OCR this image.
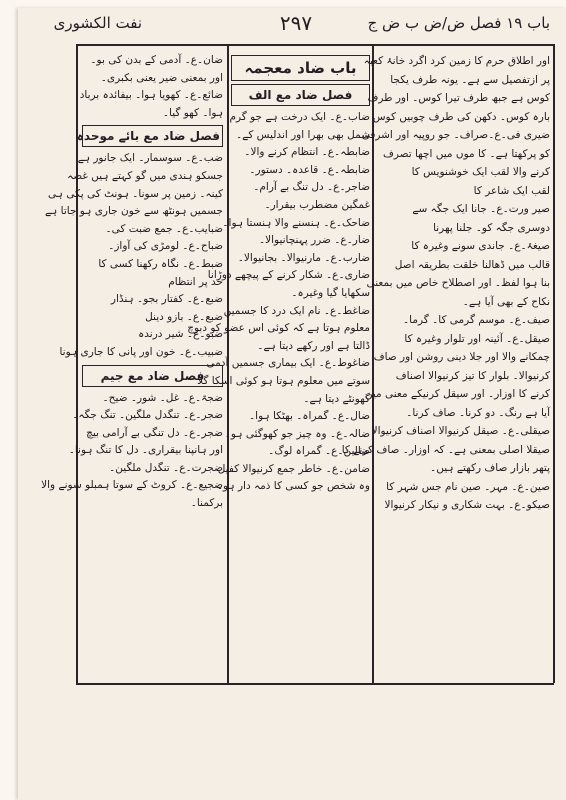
نفت الکشوری	۲۹۷	باب ۱۹ فصل ض/ض ب ض ج
اور اطلاق حرم کا زمین کرد اگرد خانۂ کعبہ
پر ازتفصیل سے ہے۔ یونہ طرف یکجا
کوس ہے جبھ طرف تیرا کوس۔ اور طرف
بارہ کوس۔ دکھن کی طرف چوبیں کوس
ضیری فی۔ع۔صراف۔ جو روپیہ اور اشرفی
کو پرکھتا ہے۔ کا موں میں اچھا تصرف
کرنے والا لقب ایک خوشنویس کا
لقب ایک شاعر کا
صیر ورت۔ع۔ جانا ایک جگہ سے
دوسری جگہ کو۔ جلنا پھرنا
صیغۂ۔ع۔ جاندی سونے وغیرہ کا
قالب میں ڈھالنا خلقت بطریقہ اصل
بنا ہوا لفظ۔ اور اصطلاح خاص میں بمعنی
نکاح کے بھی آیا ہے۔
صیف۔ع۔ موسم گرمی کا۔ گرما۔
صیقل۔ع۔ آئینہ اور تلوار وغیرہ کا
چمکانے والا اور جلا دینی روشن اور صاف
کرنیوالا۔ بلوار کا تیز کرنیوالا اصناف
کرنے کا اوزار۔ اور سیقل کرنیکے معنی میں
آیا ہے رنگ۔ دو کرنا۔ صاف کرنا۔
صیقلی۔ع۔ صیقل کرنیوالا اصناف کرنیوالا
صیقلا اصلی بمعنی ہے۔ کہ اوزار۔ صاف کرنے کا
پتھر بازار صاف رکھتے ہیں۔
صین۔ع۔ مہر۔ صین نام جس شہر کا
صیکو۔ع۔ بہت شکاری و نیکار کرنیوالا
باب ضاد معجمہ
فصل ضاد مع الف
ضاب۔ع۔ ایک درخت ہے جو گرم
شمل بھی بھرا اور اندلیس کے۔
ضابطہ۔ع۔ انتظام کرنے والا۔
ضابطہ۔ع۔ قاعدہ۔ دستور۔
ضاجر۔ع۔ دل تنگ بے آرام۔
غمگین مضطرب بیقرار۔
ضاحک۔ع۔ ہنسنے والا ہنستا ہوا۔
ضار۔ع۔ ضرر پہنچانیوالا۔
ضارب۔ع۔ مارنیوالا۔ بجانیوالا۔
ضاری۔ع۔ شکار کرنے کے پیچھے دوڑانا
سکھایا گیا وغیرہ۔
ضاغط۔ع۔ نام ایک درد کا جسمیں
معلوم ہوتا ہے کہ کوئی اس عضو کو دبوچ
ڈالتا ہے اور رکھے دیتا ہے۔
ضاغوط۔ع۔ ایک بیماری جسمیں آدمی
سوتے میں معلوم ہوتا ہو کوئی اسکا گلا
گھونٹے دیتا ہے۔
ضال۔ع۔ گمراہ۔ بھٹکا ہوا۔
ضالہ۔ع۔ وہ چیز جو کھوگئی ہو۔
ضالین۔ع۔ گمراہ لوگ۔
ضامن۔ع۔ خاطر جمع کرنیوالا کفیل
وہ شخص جو کسی کا ذمہ دار ہو۔
ضان۔ع۔ آدمی کے بدن کی بو۔
اور بمعنی ضیر یعنی بکبری۔
ضائع۔ع۔ کھویا ہوا۔ بیفائدہ برباد
ہوا۔ کھو گیا۔
فصل ضاد مع بائے موحدہ
ضب۔ع۔ سوسمار۔ ایک جانور ہے
جسکو ہندی میں گو کہتے ہیں غصہ
کینہ۔ زمین پر سونا۔ ہونٹ کی پکی ہی
جسمیں ہونٹھ سے خون جاری ہو جاتا ہے
ضبایب۔ع۔ جمع ضبت کی۔
ضباح۔ع۔ لومڑی کی آواز۔
ضبط۔ع۔ نگاہ رکھنا کسی کا
حد پر انتظام
ضبع۔ع۔ کفتار بجو۔ ہنڈار
ضبع۔ع۔ بازو دینل
ضبو۔ع۔ شیر درندہ
ضبیب۔ع۔ خون اور پانی کا جاری ہونا
فصل ضاد مع جیم
ضجۃ۔ع۔ غل۔ شور۔ ضیح۔
ضجر۔ع۔ تنگدل ملگین۔ تنگ جگہ۔
ضجر۔ع۔ دل تنگی بے آرامی بیچ
اور ہانپنا بیقراری۔ دل کا تنگ ہونا۔
ضجرت۔ع۔ تنگدل ملگین۔
ضجیع۔ع۔ کروٹ کے سوتا ہمبلو سونے والا
برکمنا۔
